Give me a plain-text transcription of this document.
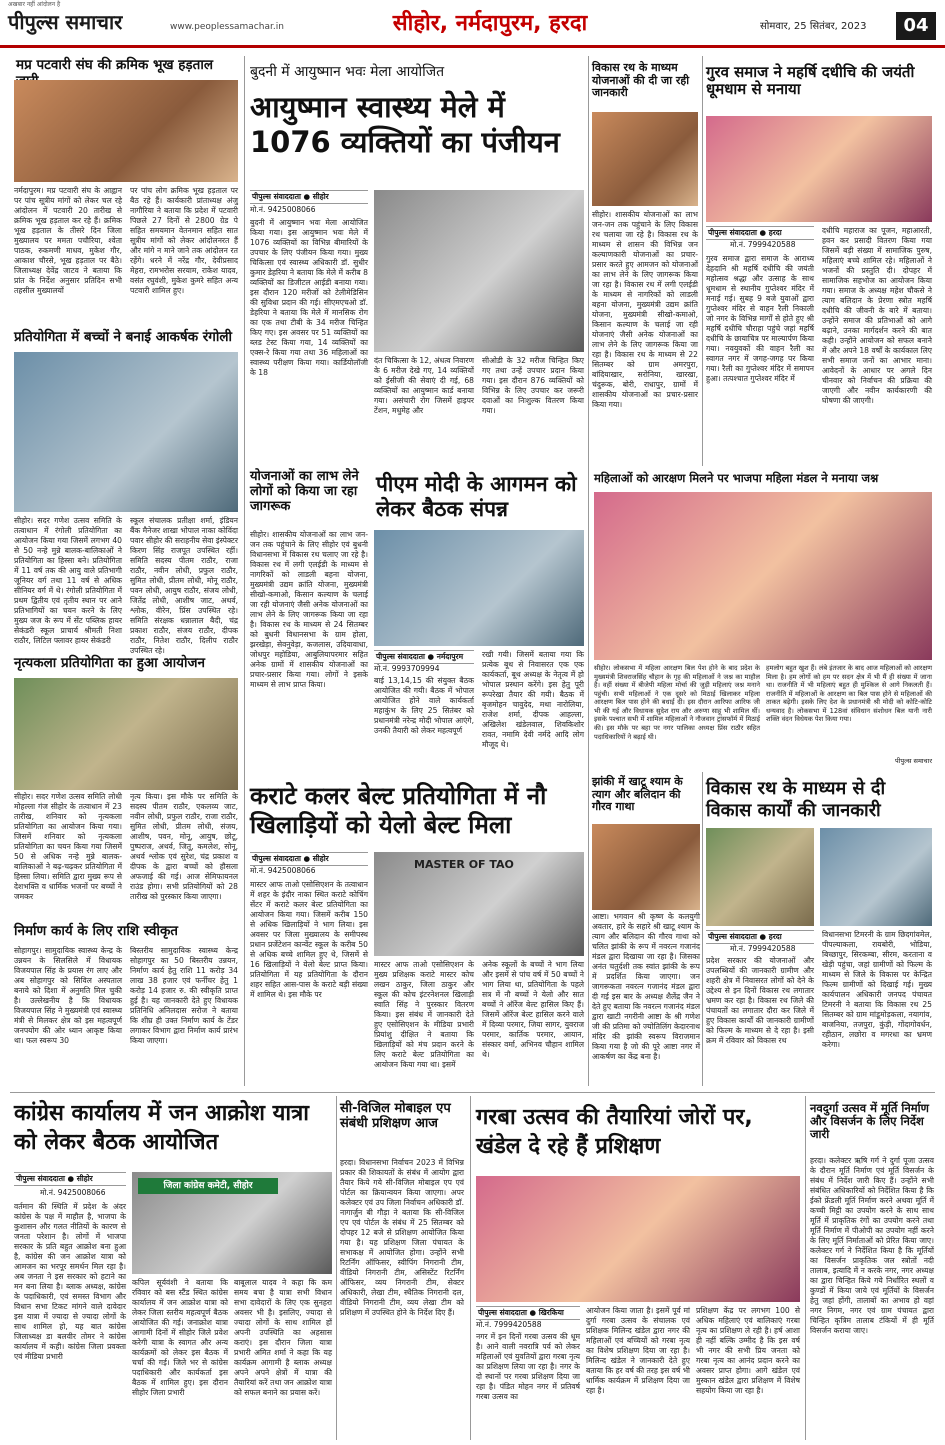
अखबार नहीं आंदोलन है
पीपुल्स समाचार	www.peoplessamachar.in	सीहोर, नर्मदापुरम, हरदा	सोमवार, 25 सितंबर, 2023	04
मप्र पटवारी संघ की क्रमिक भूख हड़ताल
नर्मदापुरम। मप्र पटवारी संघ के आह्वान पर पांच सूत्रीय मांगों को लेकर चल रहे आंदोलन में पटवारी 20 तारीख से क्रमिक भूख हड़ताल कर रहे हैं। क्रमिक भूख हड़ताल के तीसरे दिन जिला मुख्यालय पर ममता पचौरिया, श्वेता पाठक, रुकमणी माधव, मुकेश गौर, आकाश चौरसे, भूख हड़ताल पर बैठे। जिलाध्यक्ष देवेंद्र जाटव ने बताया कि प्रांत के निर्देश अनुसार प्रतिदिन सभी तहसील मुख्यालयों
पर पांच लोग क्रमिक भूख हड़ताल पर बैठ रहे हैं। कार्यकारी प्रांताध्यक्ष अंजु नागौरिया ने बताया कि प्रदेश में पटवारी पिछले 27 दिनों से 2800 ग्रेड पे सहित समयमान वेतनमान सहित सात सूत्रीय मांगों को लेकर आंदोलनरत हैं और मांगे न माने जाने तक आंदोलन रत रहेंगे। धरने में नरेंद्र गौर, देवीप्रसाद मेहरा, रामभरोस सरयाम, राकेश यादव, वसंत रघुवंशी, मुकेश कुमरे सहित अन्य पटवारी शामिल हुए।
प्रतियोगिता में बच्चों ने बनाई आकर्षक रंगोली
सीहोर। सदर गणेश उत्सव समिति के तत्वाधान में रंगोली प्रतियोगिता का आयोजन किया गया जिसमें लगभग 40 से 50 नन्हे मुन्ने बालक-बालिकाओं ने प्रतियोगिता का हिस्सा बने। प्रतियोगिता में 11 वर्ष तक की आयु वाले प्रतिभागी जूनियर वर्ग तथा 11 वर्ष से अधिक सीनियर वर्ग में थे। रंगोली प्रतियोगिता में प्रथम द्वितीय एवं तृतीय स्थान पर आने प्रतिभागियों का चयन करने के लिए मुख्य जज के रूप में सेंट पब्लिक हायर सेकंडरी स्कूल प्राचार्य श्रीमती निशा राठौर, लिटिल फ्लावर हायर सेकंडरी
स्कूल संचालक प्रतीक्षा शर्मा, इंडियन बैंक मैनेजर शाखा भोपाल नाका कोविंदा पवार सीहोर की सराहनीय सेवा इंस्पेक्टर किरण सिंह राजपूत उपस्थित रहीं। समिति सदस्य पीतम राठौर, राजा राठौर, नवीन लोधी, प्रफुल राठौर, सुमित लोधी, प्रीतम लोधी, मोनू राठौर, पवन लोधी, आयुष राठौर, संजय लोधी, जितेंद्र लोधी, आशीष जाट, अथर्व, श्लोक, वीरेन, प्रिंस उपस्थित रहे। समिति संरक्षक धन्नालाल बैदी, चंद्र प्रकाश राठौर, संजय राठौर, दीपक राठौर, नितेश राठौर, दिलीप राठौर उपस्थित रहे।
नृत्यकला प्रतियोगिता का हुआ आयोजन
सीहोर। सदर गणेश उत्सव समिति लोधी मोहल्ला गंज सीहोर के तत्वाधान में 23 तारीख, शनिवार को नृत्यकला प्रतियोगिता का आयोजन किया गया। जिसमें शनिवार को नृत्यकला प्रतियोगिता का चयन किया गया जिसमें 50 से अधिक नन्हे मुन्ने बालक-बालिकाओं ने बढ़-चढ़कर प्रतियोगिता में हिस्सा लिया। समिति द्वारा मुख्य रूप से देशभक्ति व धार्मिक भजनों पर बच्चों ने जमकर
नृत्य किया। इस मौके पर समिति के सदस्य पीतम राठौर, एकलव्य जाट, नवीन लोधी, प्रफुल राठौर, राजा राठौर, सुमित लोधी, प्रीतम लोधी, संजय, आशीष, पवन, मोनू, आयुष, छोटू, पुष्पराज, अथर्व, जितू, कमलेश, सोनू, अथर्व श्लोक एवं सुरेश, चंद्र प्रकाश व दीपक के द्वारा बच्चों को हौसला अफजाई की गई। आज सेमिफायनल राउंड होगा। सभी प्रतियोगियों को 28 तारीख को पुरस्कार किया जाएगा।
निर्माण कार्य के लिए राशि स्वीकृत
सोहागपुर। सामुदायिक स्वास्थ्य केन्द्र के उन्नयन के सिलसिले में विधायक विजयपाल सिंह के प्रयास रंग लाए और अब सोहागपुर को सिविल अस्पताल बनाये को दिशा में अनुमति मिल चुकी है। उल्लेखनीय है कि विधायक विजयपाल सिंह ने मुख्यमंत्री एवं स्वास्थ्य मंत्री से मिलकर क्षेत्र को इस महत्वपूर्ण जनपयोग की ओर ध्यान आकृष्ट किया था। फल स्वरूप 30
बिस्तरीय सामुदायिक स्वास्थ्य केन्द्र सोहागपुर का 50 बिस्तरीय उन्नयन, निर्माण कार्य हेतु राशि 11 करोड़ 34 लाख 38 हजार एवं फर्नीचर हेतु 1 करोड़ 14 हजार रु. की स्वीकृति प्राप्त हुई है। यह जानकारी देते हुए विधायक प्रतिनिधि अनिलदास सरोज ने बताया कि शीघ्र ही उक्त निर्माण कार्य के टेंडर लगाकर विभाग द्वारा निर्माण कार्य प्रारंभ किया जाएगा।
बुदनी में आयुष्मान भवः मेला आयोजित
आयुष्मान स्वास्थ्य मेले में 1076 व्यक्तियों का पंजीयन
पीपुल्स संवाददाता ● सीहोर
मो.नं. 9425008066
बुदनी में आयुष्मान भवः मेला आयोजित किया गया। इस आयुष्मान भवः मेले में 1076 व्यक्तियों का विभिन्न बीमारियों के उपचार के लिए पंजीयन किया गया। मुख्य चिकित्सा एवं स्वास्थ्य अधिकारी डॉ. सुधीर कुमार डेहरिया ने बताया कि मेले में करीब 8 व्यक्तियों का डिजीटल आईडी बनाया गया। इस दौरान 120 मरीजों को टेलीमेडिसिन की सुविधा प्रदान की गई। सीएमएचओ डॉ. डेहरिया ने बताया कि मेले में मानसिक रोग का एक तथा टीबी के 34 मरीज चिन्हित किए गए। इस अवसर पर 51 व्यक्तियों का ब्लड टेस्ट किया गया, 14 व्यक्तियों का एक्स-रे किया गया तथा 36 महिलाओं का स्वास्थ्य परीक्षण किया गया। कार्डियोलॉजी के 18
दंत चिकित्सा के 12, अंधत्व निवारण के 6 मरीज देखे गए, 14 व्यक्तियों को ईसीजी की सेवाएं दी गई, 68 व्यक्तियों का आयुष्मान कार्ड बनाया गया। असंचारी रोग जिसमें हाइपर टेंशन, मधुमेह और
सीओडी के 32 मरीज चिन्हित किए गए तथा उन्हें उपचार प्रदान किया गया। इस दौरान 876 व्यक्तियों को विभिन्न के लिए उपचार कर जरूरी दवाओं का निःशुल्क वितरण किया गया।
विकास रथ के माध्यम योजनाओं की दी जा रही जानकारी
सीहोर। शासकीय योजनाओं का लाभ जन-जन तक पहुंचाने के लिए विकास रथ चलाया जा रहे है। विकास रथ के माध्यम से शासन की विभिन्न जन कल्याणकारी योजनाओं का प्रचार-प्रसार करते हुए आमजन को योजनाओं का लाभ लेने के लिए जागरूक किया जा रहा है। विकास रथ में लगी एलईडी के माध्यम से नागरिकों को लाडली बहना योजना, मुख्यमंत्री उद्यम क्रांति योजना, मुख्यमंत्री सीखो-कमाओ, किसान कल्याण के चलाई जा रही योजनाएं जैसी अनेक योजनाओं का लाभ लेने के लिए जागरूक किया जा रहा है। विकास रथ के माध्यम से 22 सितम्बर को ग्राम अमरपुरा, बांदियाखार, सरोनिया, खारखा, चंदुरूक, बोरी, राधापुर, ग्रामों में शासकीय योजनाओं का प्रचार-प्रसार किया गया।
गुरव समाज ने महर्षि दधीचि की जयंती धूमधाम से मनाया
पीपुल्स संवाददाता ● हरदा
मो.नं. 7999420588
गुरव समाज द्वारा समाज के आराध्य देहदानि श्री महर्षि दधीचि की जयंती महोत्सव श्रद्धा और उत्साह के साथ धूमधाम से स्थानीय गुप्तेश्वर मंदिर में मनाई गई। सुबह 9 बजे युवाओं द्वारा गुप्तेश्वर मंदिर से वाहन रैली निकाली जो नगर के विभिन्न मार्गों से होते हुए श्री महर्षि दधीचि चौराहा पहुंचे जहां महर्षि दधीचि के छायाचित्र पर माल्यार्पण किया गया। नवयुवकों की वाहन रैली का स्वागत नगर में जगह-जगह पर किया गया। रैली का गुप्तेश्वर मंदिर में समापन हुआ। तत्पश्चात गुप्तेश्वर मंदिर में
दधीचि महाराज का पूजन, महाआरती, हवन कर प्रसादी वितरण किया गया जिसमें बड़ी संख्या में सामाजिक पुरुष, महिलाएं बच्चे शामिल रहे। महिलाओं ने भजनों की प्रस्तुति दी। दोपहर में सामाजिक सहभोज का आयोजन किया गया। समाज के अध्यक्ष महेश चौकसे ने त्याग बलिदान के प्रेरणा स्त्रोत महर्षि दधीचि की जीवनी के बारे में बताया। उन्होंने समाज की प्रतिभाओं को आगे बढ़ाने, उनका मार्गदर्शन करने की बात कही। उन्होंने आयोजन को सफल बनाने में और अपने 18 वर्षों के कार्यकाल लिए सभी समाज जनों का आभार माना। आवेदनों के आधार पर अगले दिन चीनवार को निर्वाचन की प्रक्रिया की जाएगी और नवीन कार्यकारणी की घोषणा की जाएगी।
योजनाओं का लाभ लेने लोगों को किया जा रहा जागरूक
सीहोर। शासकीय योजनाओं का लाभ जन-जन तक पहुंचाने के लिए सीहोर एवं बुधनी विधानसभा में विकास रथ चलाए जा रहे है। विकास रथ में लगी एलईडी के माध्यम से नागरिकों को लाडली बहना योजना, मुख्यमंत्री उद्यम क्रांति योजना, मुख्यमंत्री सीखो-कमाओ, किसान कल्याण के चलाई जा रही योजनाएं जैसी अनेक योजनाओं का लाभ लेने के लिए जागरूक किया जा रहा है। विकास रथ के माध्यम से 24 सितम्बर को बुधनी विधानसभा के ग्राम होला, झरखेड़ा, सेवनुवेड़ा, कजलास, उदियावाधा, जोधपुर महोडिया, आबुलियापरमार सहित अनेक ग्रामों में शासकीय योजनाओं का प्रचार-प्रसार किया गया। लोगों ने इसके माध्यम से लाभ प्राप्त किया।
पीएम मोदी के आगमन को लेकर बैठक संपन्न
पीपुल्स संवाददाता ● नर्मदापुरम
मो.नं. 9993709994
बाई 13,14,15 की संयुक्त बैठक आयोजित की गयी। बैठक में भोपाल आयोजित होने वाले कार्यकर्ता महाकुंभ के लिए 25 सितंबर को प्रधानमंत्री नरेन्द्र मोदी भोपाल आएंगे, उनकी तैयारी को लेकर महत्वपूर्ण
रखी गयी। जिसमें बताया गया कि प्रत्येक बूथ से निवासरत एक एक कार्यकर्ता, बूथ अध्यक्ष के नेतृत्व में हो भोपाल प्रस्थान करेंगे। इस हेतु पूरी रूपरेखा तैयार की गयी। बैठक में बृजमोहन चावुदेद, मथा नारोलिया, राजेश शर्मा, दीपक आहल्ला, अखिलेश खंडेलवाल, शिवकिशोर रावत, नमामि देवी नर्मदे आदि लोग मौजूद थे।
महिलाओं को आरक्षण मिलने पर भाजपा महिला मंडल ने मनाया जश्न
सीहोर। लोकसभा में महिला आरक्षण बिल पेश होने के बाद प्रदेश के मुख्यमंत्री शिवराजसिंह चौहान के गृह की महिलाओं ने जश्न का माहौल है। वहीं संख्या में बीजेपी महिला मोर्चा की जुड़ी महिलाएं जश्न मनाने पहुंची। सभी महिलाओं ने एक दूसरे को मिठाई खिलाकर महिला आरक्षण बिल पास होने की बधाई दी। इस दौरान आरिफा आरिफ जी भी की गई और विधायक सुदेश राय और अरुणा साहू भी शामिल थीं। इसके पश्चात सभी में शामिल महिलाओं ने नौजवान ट्रांसफॉर्म में मिठाई की। इस मौके पर बहा पर नगर पालिका अध्यक्ष प्रिंस राठौर सहित पदाधिकारियों ने बढ़ाई थी।
हमलोग बहुत खुश हैं। लंबे इंतजार के बाद आज महिलाओं को आरक्षण मिला है। हम लोगों को हम पर सदन क्षेत्र में भी मैं ही संख्या में जाना था। राजनीति में भी महिलाएं बहुत ही मुश्किल से आगे निकलती हैं। राजनीति में महिलाओं के आरक्षण का बिल पास होने से महिलाओं की ताकत बढ़ेगी। इसके लिए देश के प्रधानमंत्री श्री मोदी को कोटि-कोटि धन्यवाद है। लोकसभा में 128वां संविधान संशोधन बिल यानी नारी शक्ति वंदन विधेयक पेश किया गया।
पीपुल्स समाचार
कराटे कलर बेल्ट प्रतियोगिता में नौ खिलाड़ियों को येलो बेल्ट मिला
पीपुल्स संवाददाता ● सीहोर
मो.नं. 9425008066
मास्टर आफ ताओ एसोसिएशन के तत्वाधान में शहर के इंदौर नाका स्थित कराटे कोचिंग सेंटर में कराटे कलर बेल्ट प्रतियोगिता का आयोजन किया गया। जिसमें करीब 150 से अधिक खिलाड़ियों ने भाग लिया। इस अवसर पर जिला मुख्यालय के समीपस्थ प्रधान प्रजेंटेशन कान्वेंट स्कूल के करीब 50 से अधिक बच्चे शामिल हुए थे, जिसमें से 16 खिलाड़ियों ने येलो बेल्ट प्राप्त किया। प्रतियोगिता में यह प्रतियोगिता के दौरान शहर सहित आस-पास के कराटे बड़ी संख्या में शामिल थे। इस मौके पर
MASTER OF TAO
मास्टर आफ ताओ एसोसिएशन के मुख्य प्रशिक्षक कराटे मास्टर कोच लखन ठाकुर, जिला ठाकुर और स्कूल की कोच इंटरनेशनल खिलाड़ी स्वाति सिंह ने पुरस्कार वितरण किया। इस संबंध में जानकारी देते हुए एसोसिएशन के मीडिया प्रभारी प्रियांशु दीक्षित ने बताया कि खिलाड़ियों को मंच प्रदान करने के लिए कराटे बेल्ट प्रतियोगिता का आयोजन किया गया था। इसमें
अनेक स्कूलों के बच्चों ने भाग लिया और इसमें से पांच वर्ष में 50 बच्चों ने भाग लिया था, प्रतियोगिता के पहले सत्र में नौ बच्चों ने येलो और सात बच्चों ने ऑरेंज बेल्ट हासिल किए हैं। जिसमें ऑरेंज बेल्ट हासिल करने वाले में दिव्या परमार, जिया सागर, युवराज परमार, कार्तिक परमार, आयान, संस्कार वर्मा, अभिनव चौहान शामिल थे।
झांकी में खाटू श्याम के त्याग और बलिदान की गौरव गाथा
आष्टा। भगवान श्री कृष्ण के कलयुगी अवतार, हारे के सहारे श्री खाटू श्याम के त्याग और बलिदान की गौरव गाथा को चलित झांकी के रूप में नवरत्न गजानंद मंडल द्वारा दिखाया जा रहा है। जिसका अनंत चतुर्दशी तक स्वांत झांकी के रूप में प्रदर्शित किया जाएगा। जन जागरूकता नवरत्न गजानंद मंडल द्वारा दी गई इस बार के अध्यक्ष शैलेंद्र जैन ने देते हुए बताया कि नवरत्न गजानंद मंडल द्वारा खाटी नगरीनी आष्टा के श्री गणेश जी की प्रतिमा को ज्योतिलिंग केदारनाथ मंदिर की झांकी स्वरूप विराजमान किया गया है जो की पूरे आष्टा नगर में आकर्षण का केंद्र बना है।
विकास रथ के माध्यम से दी विकास कार्यों की जानकारी
पीपुल्स संवाददाता ● हरदा
मो.नं. 7999420588
प्रदेश सरकार की योजनाओं और उपलब्धियों की जानकारी ग्रामीण और शहरी क्षेत्र में निवासरत लोगों को देने के उद्देश्य से इन दिनों विकास रथ लगातार भ्रमण कर रहा है। विकास रथ जिले की पंचायतों का लगातार दौरा कर जिले में हुए विकास कार्यों की जानकारी ग्रामीणों को फिल्म के माध्यम से दे रहा है। इसी क्रम में रविवार को विकास रथ
विधानसभा टिमरनी के ग्राम छिदगांवमेल, पीपल्याकला, रायबोरी, भोडिया, बिच्छापुर, सिरकम्बा, सीरम, करताना व खेड़ी पहुंचा, जहां ग्रामीणों को फिल्म के माध्यम से जिले के विकास पर केन्द्रित फिल्म ग्रामीणों को दिखाई गई। मुख्य कार्यपालन अधिकारी जनपद पंचायत टिमरनी ने बताया कि विकास रथ 25 सितम्बर को ग्राम मांडूमोड़कला, नयागांव, बाजनिया, तजपुरा, कुंड़ी, गोंदागोवर्धन, रहीठान, लछोरा व मगरधा का भ्रमण करेगा।
कांग्रेस कार्यालय में जन आक्रोश यात्रा को लेकर बैठक आयोजित
पीपुल्स संवाददाता ● सीहोर
मो.नं. 9425008066
वर्तमान की स्थिति में प्रदेश के अंदर कांग्रेस के पक्ष में माहौल है, भाजपा के कुशासन और गलत नीतियों के कारण से जनता परेशान है। लोगों में भाजपा सरकार के प्रति बहुत आक्रोश बना हुआ है, कांग्रेस की जन आक्रोश यात्रा को आमजन का भरपूर समर्थन मिल रहा है। अब जनता ने इस सरकार को हटाने का मन बना लिया है। ब्लाक अध्यक्ष, कांग्रेस के पदाधिकारी, एवं समस्त विभाग और विधान सभा टिकट मांगने वाले दावेदार इस यात्रा में ज्यादा से ज्यादा लोगों के साथ शामिल हो, यह बात कांग्रेस जिलाध्यक्ष डा बलवीर तोमर ने कांग्रेस कार्यालय में कही। कांग्रेस जिला प्रवक्ता एवं मीडिया प्रभारी
जिला कांग्रेस कमेटी, सीहोर
कपिल सूर्यवंशी ने बताया कि रविवार को बस स्टैंड स्थित कांग्रेस कार्यालय में जन आक्रोश यात्रा को लेकर जिला स्तरीय महत्वपूर्ण बैठक आयोजित की गई। जनाक्रोश यात्रा आगामी दिनों में सीहोर जिले प्रवेश करेगी यात्रा के स्वागत और अन्य कार्यक्रमों को लेकर इस बैठक में चर्चा की गई। जिले भर से कांग्रेस पदाधिकारी और कार्यकर्ता इस बैठक में शामिल हुए। इस दौरान सीहोर जिला प्रभारी
बाबूलाल यादव ने कहा कि कम समय बचा है यात्रा सभी विधान सभा दावेदारों के लिए एक सुनहरा अवसर भी है। इसलिए, ज्यादा से ज्यादा लोगों के साथ शामिल हों अपनी उपस्थिति का अहसास कराएं। इस दौरान जिला यात्रा प्रभारी अमित शर्मा ने कहा कि यह कार्यक्रम आगामी है ब्लाक अध्यक्ष अपने अपने क्षेत्रों में यात्रा की तैयारियां करें तथा जन आक्रोश यात्रा को सफल बनाने का प्रयास करें।
सी-विजिल मोबाइल एप संबंधी प्रशिक्षण आज
हरदा। विधानसभा निर्वाचन 2023 में विभिन्न प्रकार की शिकायतों के संबंध में आयोग द्वारा तैयार किये गये सी-विजिल मोबाइल एप एवं पोर्टल का क्रियान्वयन किया जाएगा। अपर कलेक्टर एवं उप जिला निर्वाचन अधिकारी डॉ. नागार्जुन बी गौड़ा ने बताया कि सी-विजिल एप एवं पोर्टल के संबंध में 25 सितम्बर को दोपहर 12 बजे से प्रशिक्षण आयोजित किया गया है। यह प्रशिक्षण जिला पंचायत के सभाकक्ष में आयोजित होगा। उन्होंने सभी रिटर्निंग ऑफिसर, स्वीपिंग निगरानी टीम, वीडियो निगरानी टीम, असिस्टेंट रिटर्निंग ऑफिसर, व्यय निगरानी टीम, सेक्टर अधिकारी, लेखा टीम, स्थैतिक निगरानी दल, वीडियो निगरानी टीम, व्यय लेखा टीम को प्रशिक्षण में उपस्थित होने के निर्देश दिए हैं।
गरबा उत्सव की तैयारियां जोरों पर, खंडेल दे रहे हैं प्रशिक्षण
पीपुल्स संवाददाता ● खिरकिया
मो.नं. 7999420588
नगर में इन दिनों गरबा उत्सव की धूम है। आने वाली नवरात्रि पर्व को लेकर महिलाओं एवं युवतियों द्वारा गरबा नृत्य का प्रशिक्षण लिया जा रहा है। नगर के दो स्थानों पर गरबा प्रशिक्षण दिया जा रहा है। पंडित मोहन नगर में प्रतिवर्ष गरबा उत्सव का
आयोजन किया जाता है। इसमें पूर्व मां दुर्गा गरबा उत्सव के संचालक एवं प्रशिक्षक मिलिन्द खंडेल द्वारा नगर की महिलाओं एवं बच्चियों को गरबा नृत्य का विशेष प्रशिक्षण दिया जा रहा है। मिलिन्द खंडेल ने जानकारी देते हुए बताया कि हर वर्ष की तरह इस वर्ष भी धार्मिक कार्यक्रम में प्रशिक्षण दिया जा रहा है।
प्रशिक्षण केंद्र पर लगभग 100 से अधिक महिलाएं एवं बालिकाएं गरबा नृत्य का प्रशिक्षण ले रही है। हर्ष आशा ही नहीं बल्कि उम्मीद है कि इस वर्ष भी नगर की सभी प्रिय जनता को गरबा नृत्य का आनंद प्रदान करने का अवसर प्राप्त होगा। आगे खंडेल एवं मुस्कान खंडेल द्वारा प्रशिक्षण में विशेष सहयोग किया जा रहा है।
नवदुर्गा उत्सव में मूर्ति निर्माण और विसर्जन के लिए निर्देश जारी
हरदा। कलेक्टर ऋषि गर्ग ने दुर्गा पूजा उत्सव के दौरान मूर्ति निर्माण एवं मूर्ति विसर्जन के संबंध में निर्देश जारी किए हैं। उन्होंने सभी संबंधित अधिकारियों को निर्देशित किया है कि ईको फ्रेंडली मूर्ति निर्माण करने अथवा मूर्ति में कच्ची मिट्टी का उपयोग करने के साथ साथ मूर्ति में प्राकृतिक रंगों का उपयोग करने तथा मूर्ति निर्माण में पीओपी का उपयोग नहीं करने के लिए मूर्ति निर्माताओं को प्रेरित किया जाए। कलेक्टर गर्ग ने निर्देशित किया है कि मूर्तियों का विसर्जन प्राकृतिक जल स्त्रोतों नदी तालाब, इत्यादि में न करके नगर, नगर अध्यक्ष का द्वारा चिन्हित किये गये निर्धारित स्थलों व कुण्डों में किया जाये एवं मूर्तियों के विसर्जन हेतु जहां होंगी, तालाबों का अभाव हो वहां नगर निगम, नगर एवं ग्राम पंचायत द्वारा चिन्हित कृत्रिम तालाब टंकियों में ही मूर्ति विसर्जन कराया जाए।
